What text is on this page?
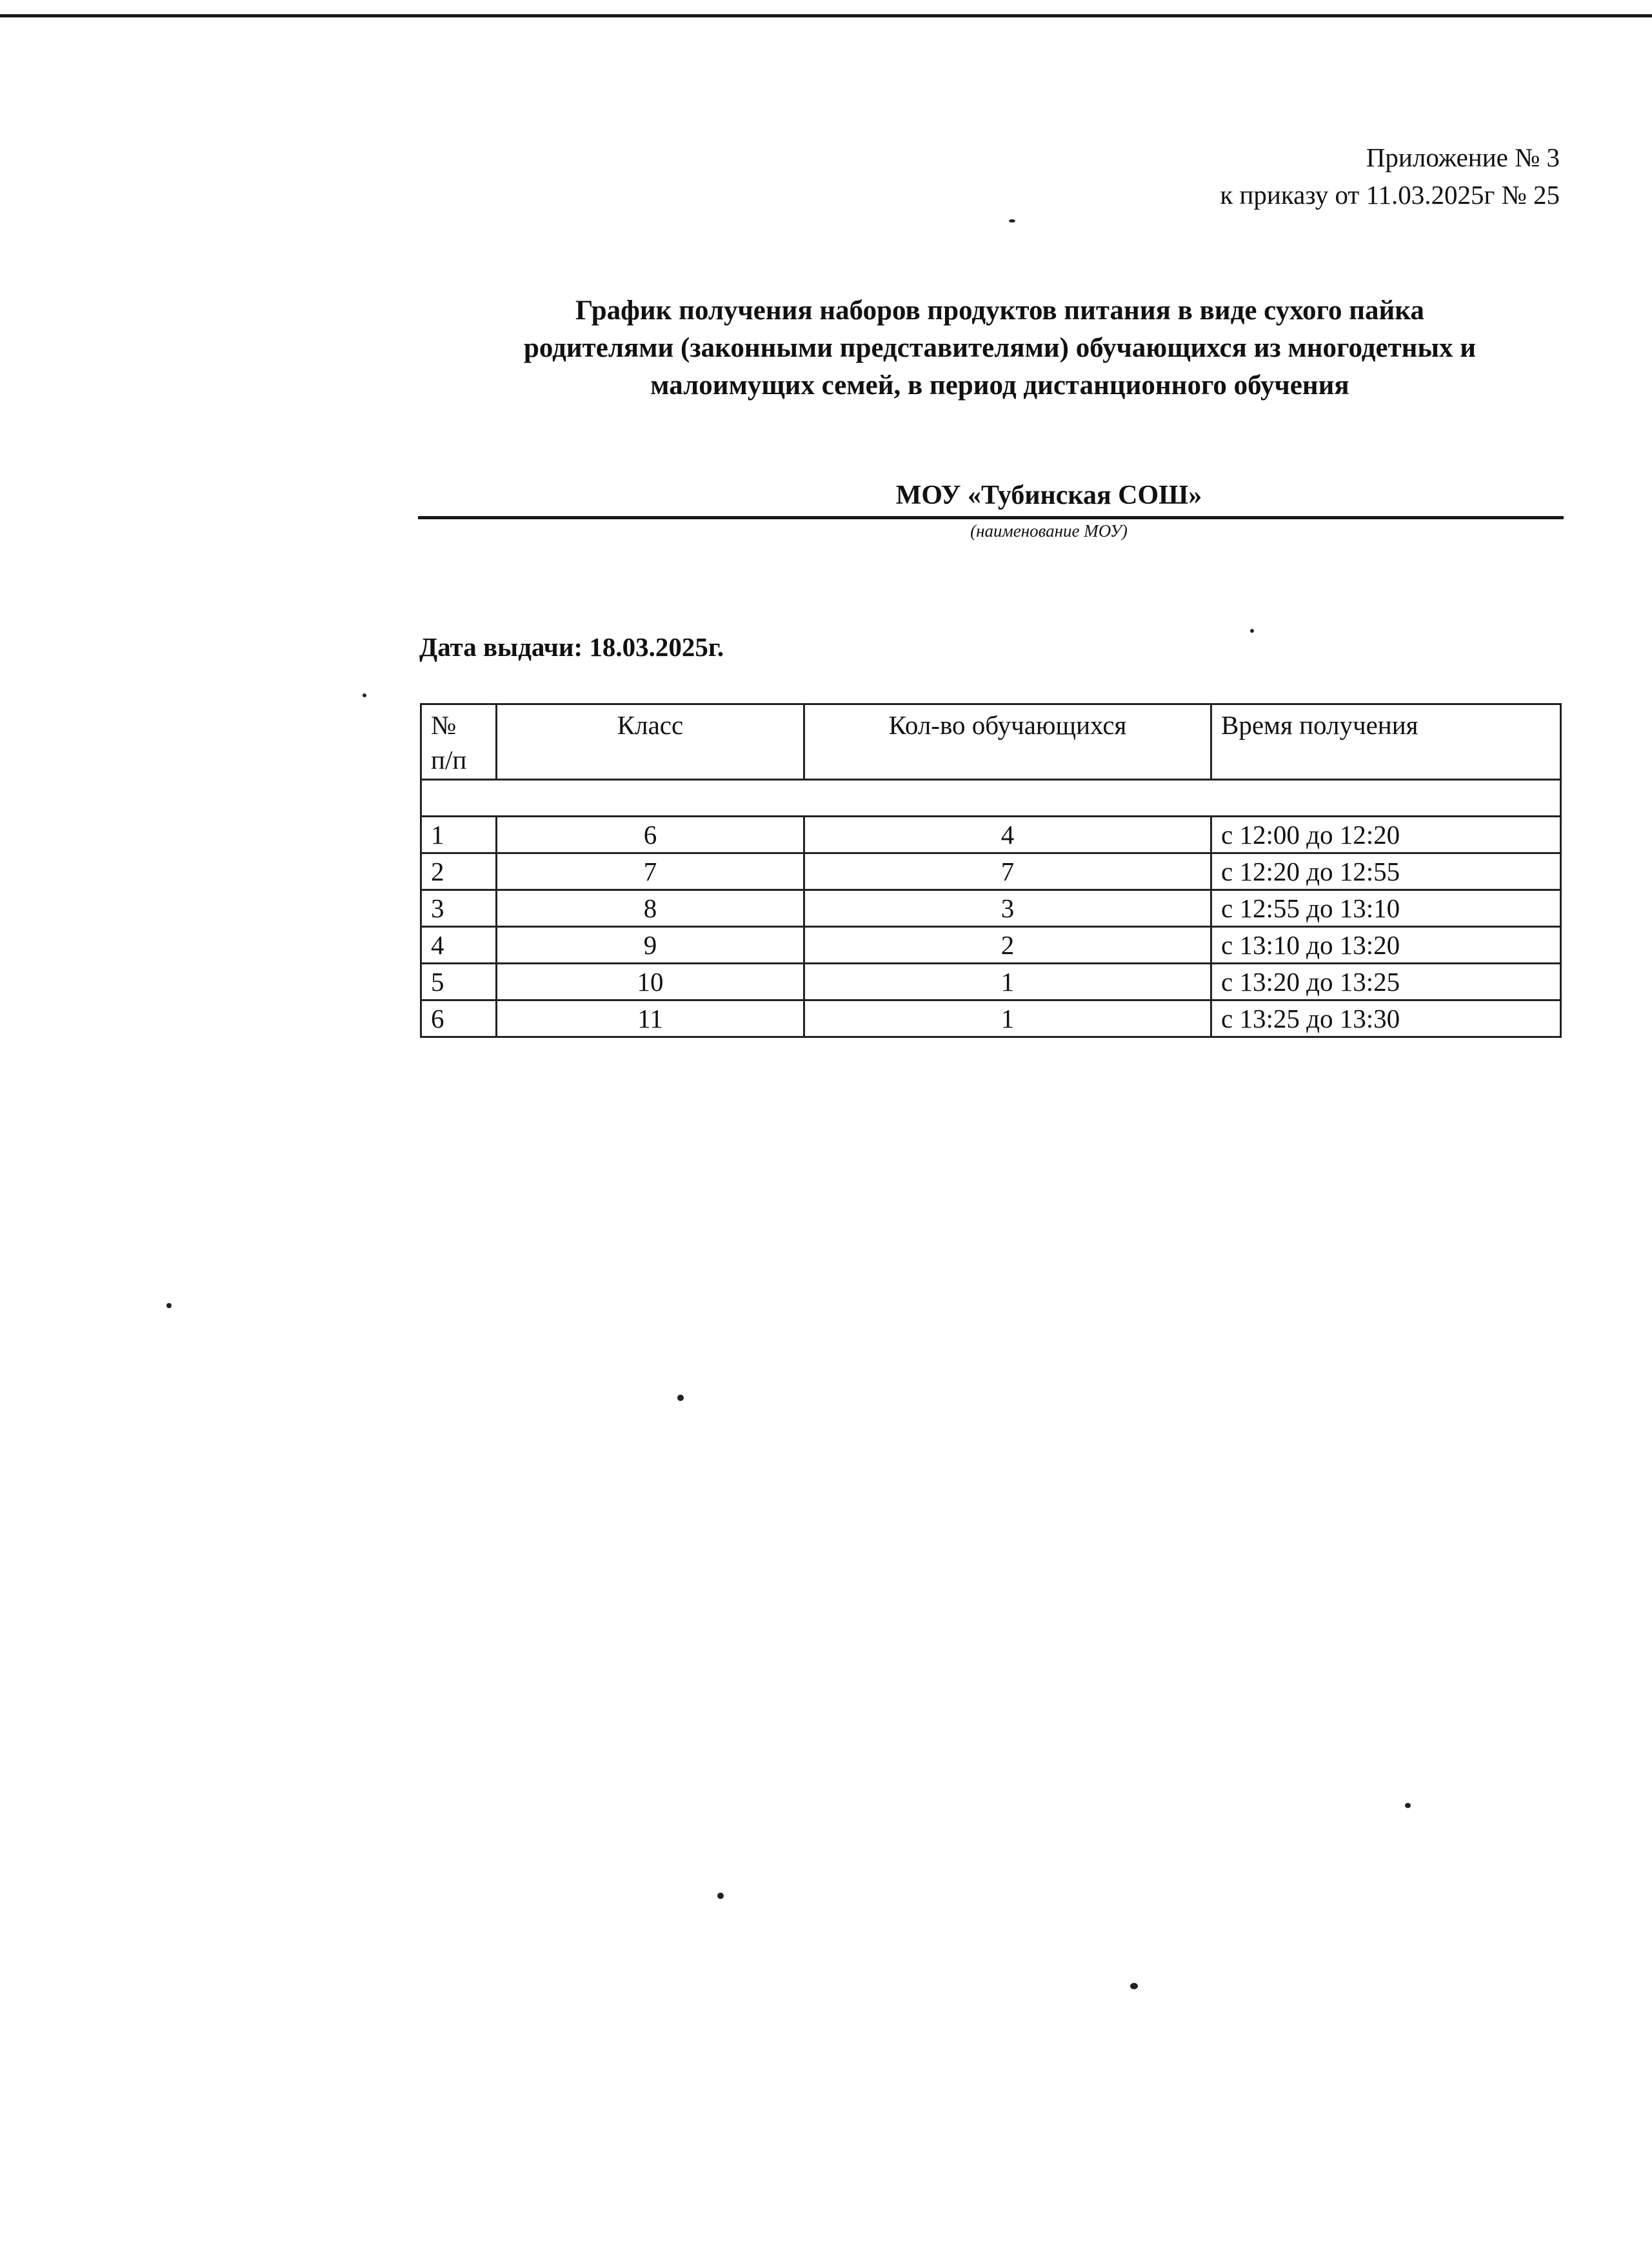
Приложение № 3
к приказу от 11.03.2025г № 25
График получения наборов продуктов питания в виде сухого пайка
родителями (законными представителями) обучающихся из многодетных и
малоимущих семей, в период дистанционного обучения
МОУ «Тубинская СОШ»
(наименование МОУ)
Дата выдачи: 18.03.2025г.
№
п/п	Класс	Кол-во обучающихся	Время получения

1	6	4	с 12:00 до 12:20
2	7	7	с 12:20 до 12:55
3	8	3	с 12:55 до 13:10
4	9	2	с 13:10 до 13:20
5	10	1	с 13:20 до 13:25
6	11	1	с 13:25 до 13:30
